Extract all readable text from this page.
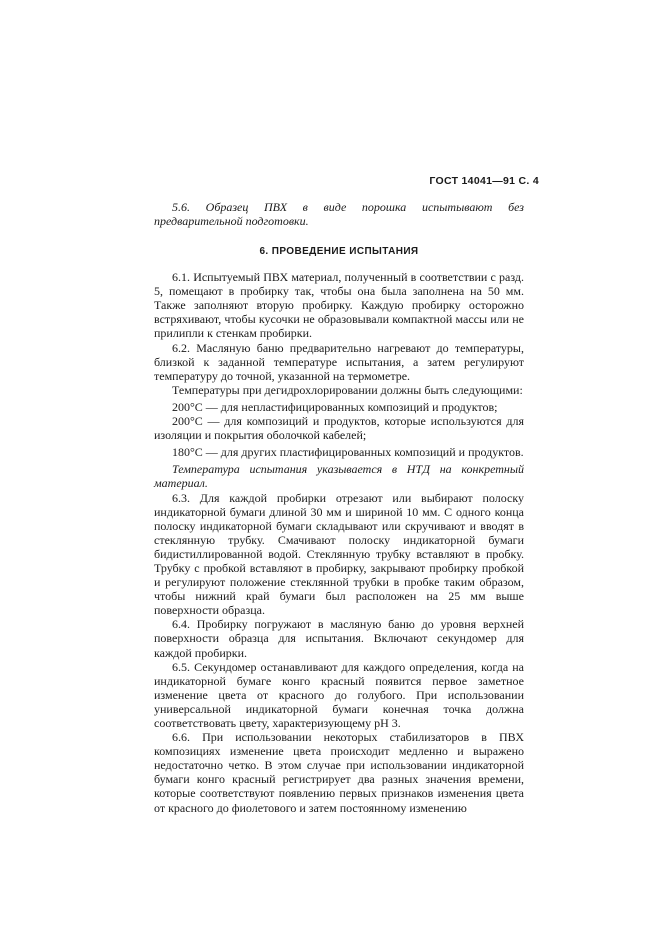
ГОСТ 14041—91 С. 4

5.6. Образец ПВХ в виде порошка испытывают без предварительной подготовки.

6. ПРОВЕДЕНИЕ ИСПЫТАНИЯ

6.1. Испытуемый ПВХ материал, полученный в соответствии с разд. 5, помещают в пробирку так, чтобы она была заполнена на 50 мм. Также заполняют вторую пробирку. Каждую пробирку осторожно встряхивают, чтобы кусочки не образовывали компактной массы или не прилипли к стенкам пробирки.

6.2. Масляную баню предварительно нагревают до температуры, близкой к заданной температуре испытания, а затем регулируют температуру до точной, указанной на термометре.

Температуры при дегидрохлорировании должны быть следующими:

200°С — для непластифицированных композиций и продуктов;

200°С — для композиций и продуктов, которые используются для изоляции и покрытия оболочкой кабелей;

180°С — для других пластифицированных композиций и продуктов.

Температура испытания указывается в НТД на конкретный материал.

6.3. Для каждой пробирки отрезают или выбирают полоску индикаторной бумаги длиной 30 мм и шириной 10 мм. С одного конца полоску индикаторной бумаги складывают или скручивают и вводят в стеклянную трубку. Смачивают полоску индикаторной бумаги бидистиллированной водой. Стеклянную трубку вставляют в пробку. Трубку с пробкой вставляют в пробирку, закрывают пробирку пробкой и регулируют положение стеклянной трубки в пробке таким образом, чтобы нижний край бумаги был расположен на 25 мм выше поверхности образца.

6.4. Пробирку погружают в масляную баню до уровня верхней поверхности образца для испытания. Включают секундомер для каждой пробирки.

6.5. Секундомер останавливают для каждого определения, когда на индикаторной бумаге конго красный появится первое заметное изменение цвета от красного до голубого. При использовании универсальной индикаторной бумаги конечная точка должна соответствовать цвету, характеризующему pH 3.

6.6. При использовании некоторых стабилизаторов в ПВХ композициях изменение цвета происходит медленно и выражено недостаточно четко. В этом случае при использовании индикаторной бумаги конго красный регистрирует два разных значения времени, которые соответствуют появлению первых признаков изменения цвета от красного до фиолетового и затем постоянному изменению
